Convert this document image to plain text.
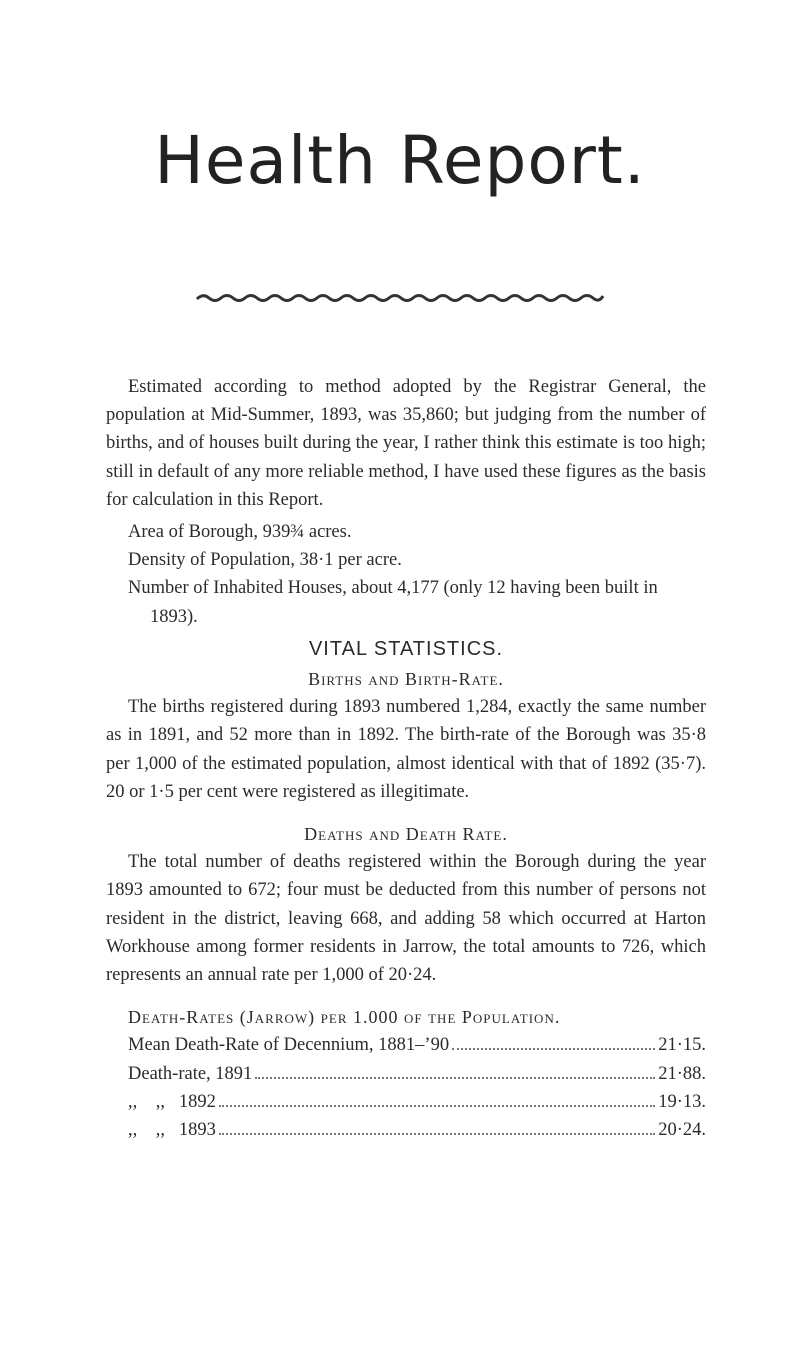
Health Report.

Estimated according to method adopted by the Registrar General, the population at Mid-Summer, 1893, was 35,860; but judging from the number of births, and of houses built during the year, I rather think this estimate is too high; still in default of any more reliable method, I have used these figures as the basis for calculation in this Report.

Area of Borough, 939¾ acres.

Density of Population, 38·1 per acre.

Number of Inhabited Houses, about 4,177 (only 12 having been built in 1893).

VITAL STATISTICS.
Births and Birth-Rate.

The births registered during 1893 numbered 1,284, exactly the same number as in 1891, and 52 more than in 1892. The birth-rate of the Borough was 35·8 per 1,000 of the estimated population, almost identical with that of 1892 (35·7). 20 or 1·5 per cent were registered as illegitimate.

Deaths and Death Rate.

The total number of deaths registered within the Borough during the year 1893 amounted to 672; four must be deducted from this number of persons not resident in the district, leaving 668, and adding 58 which occurred at Harton Workhouse among former residents in Jarrow, the total amounts to 726, which represents an annual rate per 1,000 of 20·24.

Death-Rates (Jarrow) per 1.000 of the Population.
Mean Death-Rate of Decennium, 1881–’90	21·15.
Death-rate, 1891	21·88.
,,    ,,   1892	19·13.
,,    ,,   1893	20·24.
